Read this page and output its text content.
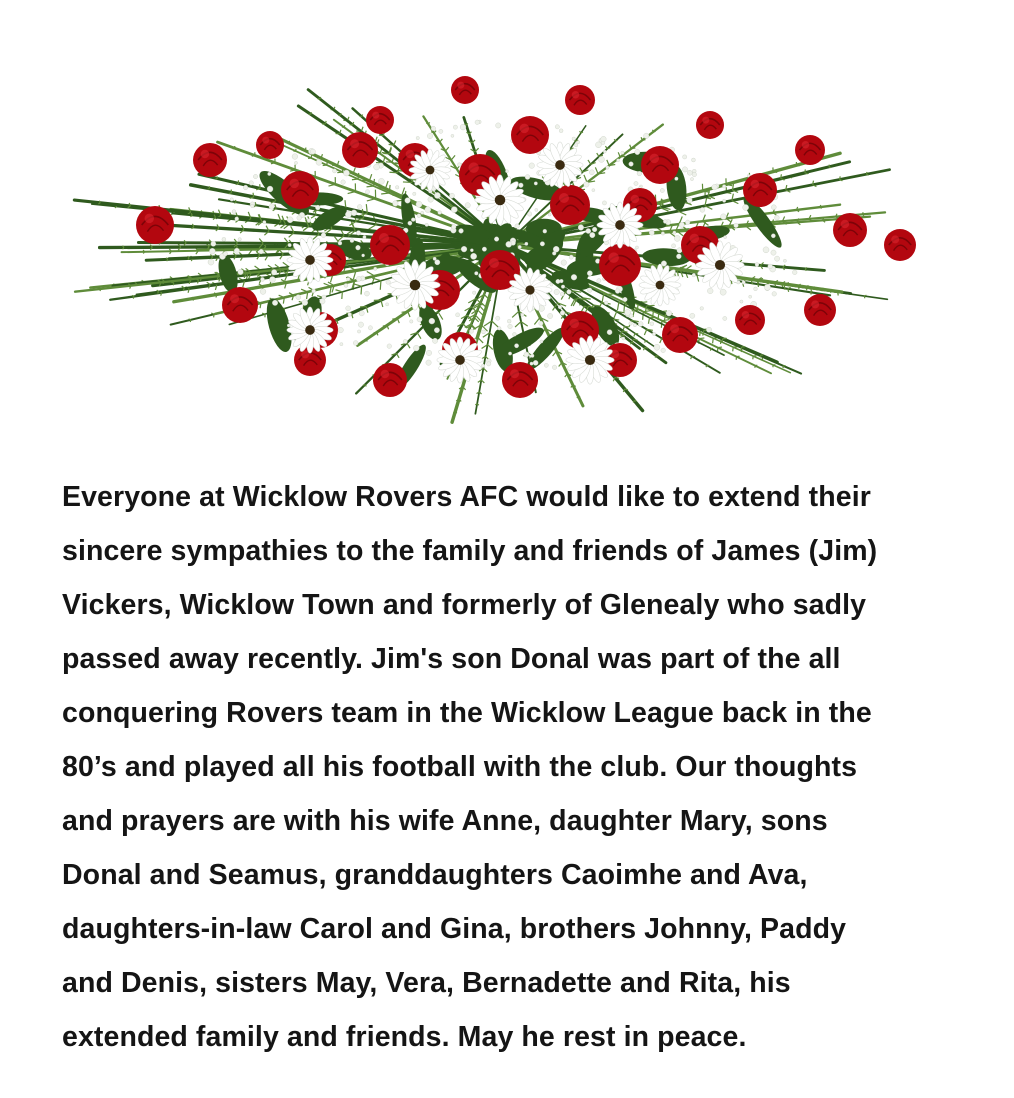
Everyone at Wicklow Rovers AFC would like to extend their
sincere sympathies to the family and friends of James (Jim)
Vickers, Wicklow Town and formerly of Glenealy who sadly
passed away recently. Jim's son Donal was part of the all
conquering Rovers team in the Wicklow League back in the
80’s and played all his football with the club. Our thoughts
and prayers are with his wife Anne, daughter Mary, sons
Donal and Seamus, granddaughters Caoimhe and Ava,
daughters-in-law Carol and Gina, brothers Johnny, Paddy
and Denis, sisters May, Vera, Bernadette and Rita, his
extended family and friends. May he rest in peace.
